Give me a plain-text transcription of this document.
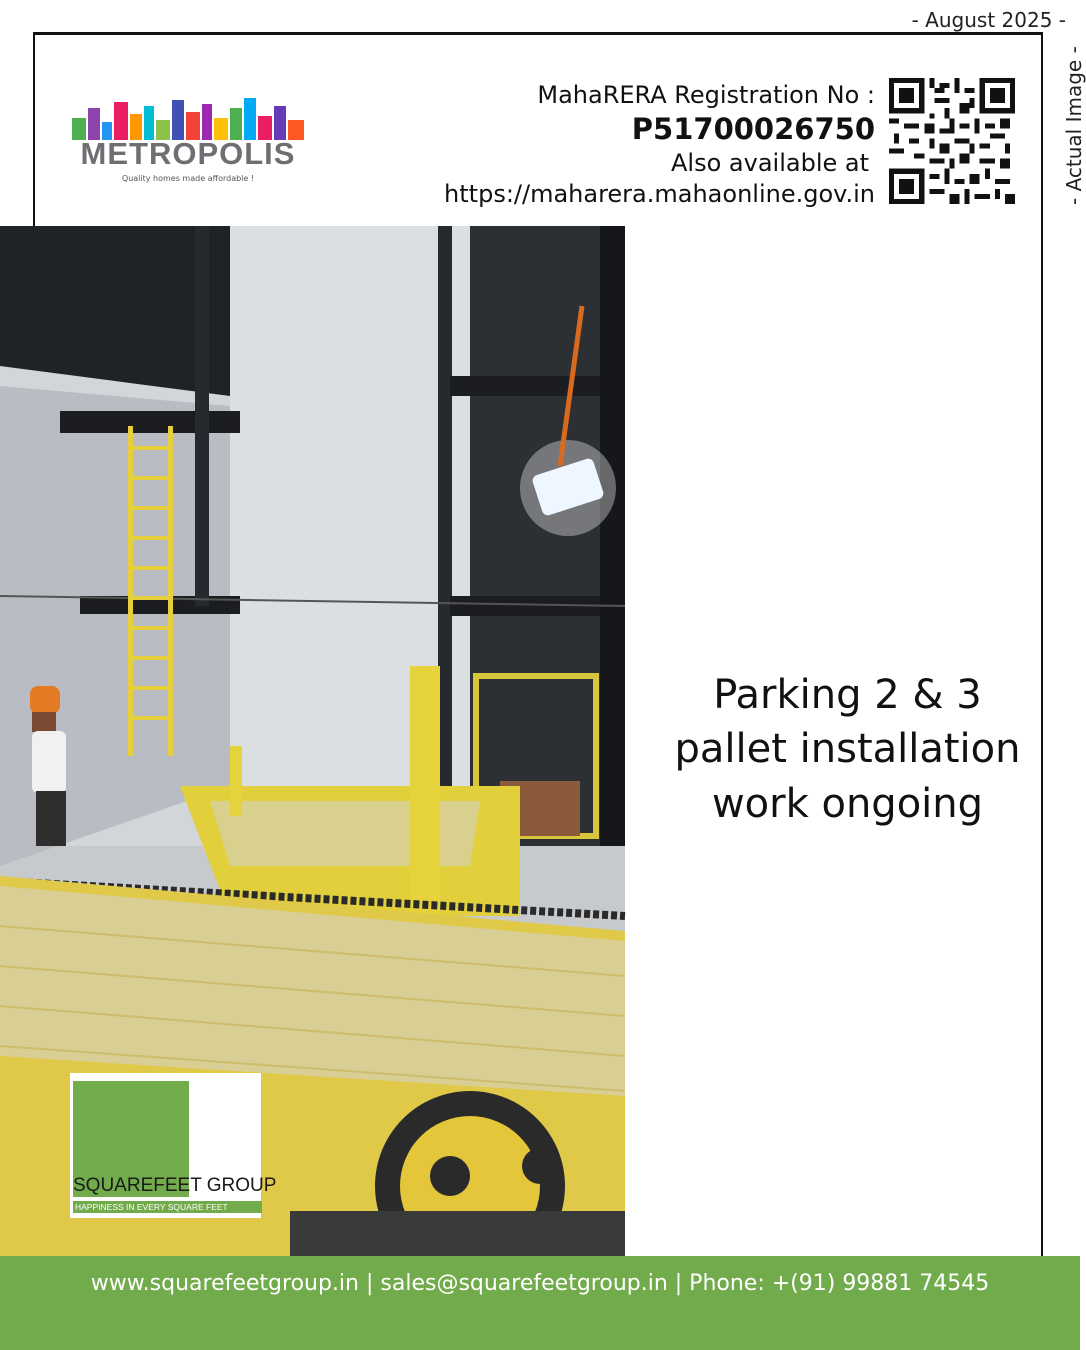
- August 2025 -
- Actual Image -
METROPOLIS
Quality homes made affordable !
MahaRERA Registration No :
P51700026750
Also available at
https://maharera.mahaonline.gov.in
Parking 2 & 3
pallet installation
work ongoing
SQUAREFEET GROUP
HAPPINESS IN EVERY SQUARE FEET
www.squarefeetgroup.in | sales@squarefeetgroup.in | Phone: +(91) 99881 74545
